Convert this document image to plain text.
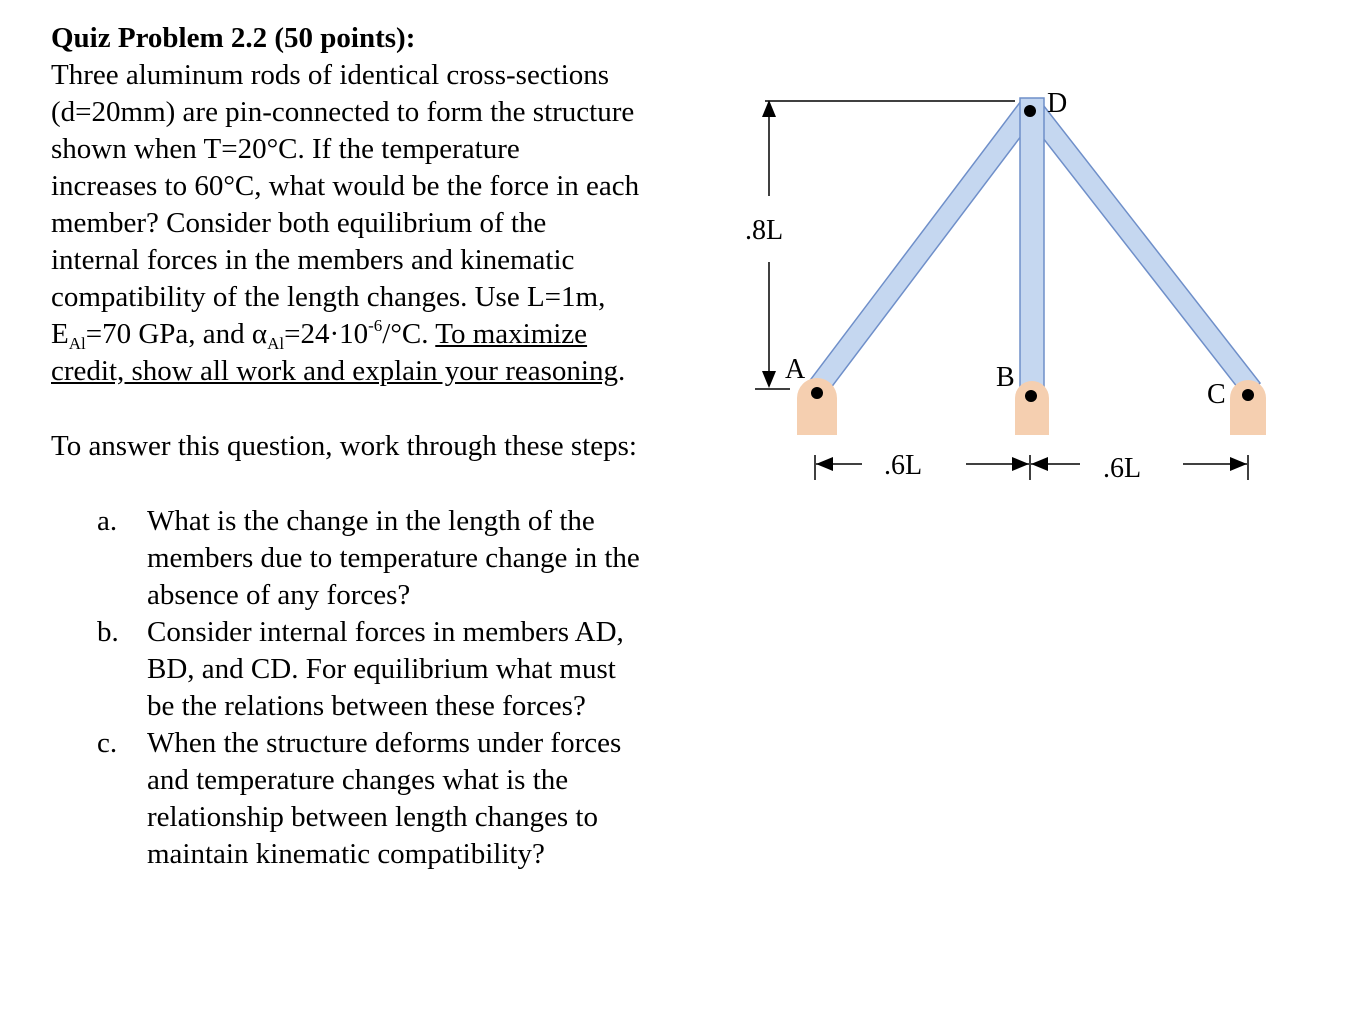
Quiz Problem 2.2 (50 points):
Three aluminum rods of identical cross-sections
(d=20mm) are pin-connected to form the structure
shown when T=20°C. If the temperature
increases to 60°C, what would be the force in each
member? Consider both equilibrium of the
internal forces in the members and kinematic
compatibility of the length changes. Use L=1m,
$E_{Al}=70$ GPa, and $\alpha_{Al}=24\cdot 10^{-6}/^\circ C$. To maximize
credit, show all work and explain your reasoning.
To answer this question, work through these steps:
a. What is the change in the length of the
members due to temperature change in the
absence of any forces?
b. Consider internal forces in members AD,
BD, and CD. For equilibrium what must
be the relations between these forces?
c. When the structure deforms under forces
and temperature changes what is the
relationship between length changes to
maintain kinematic compatibility?
.8L
A	B
C
D
.6L	.6L
